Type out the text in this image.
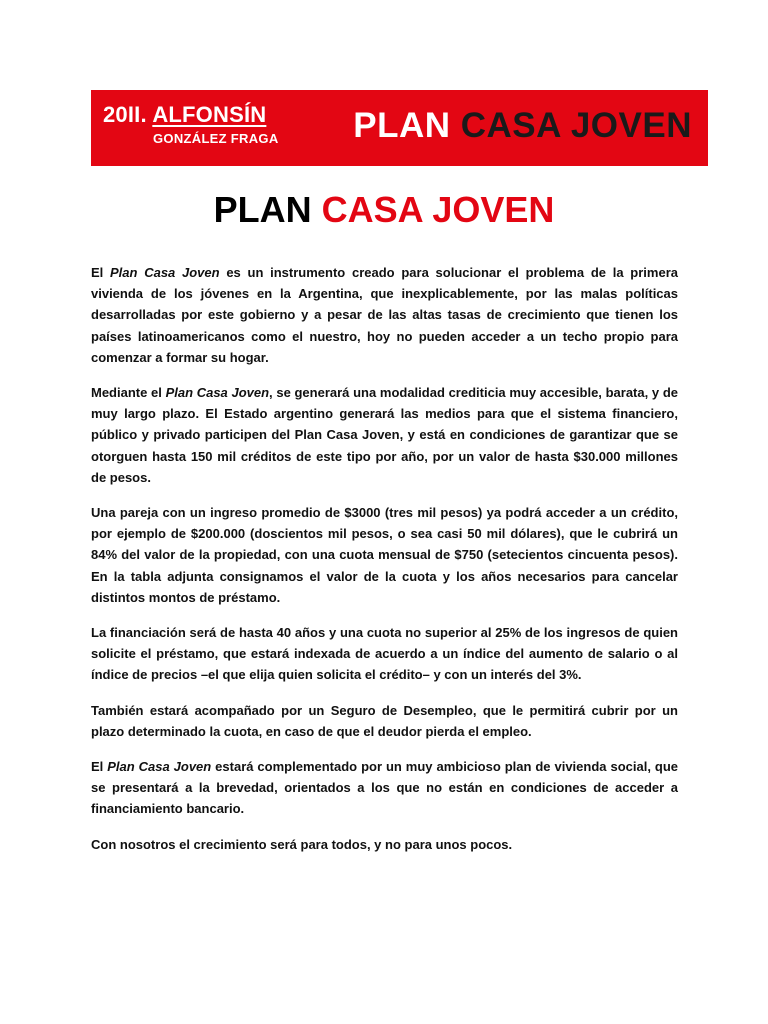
20II. ALFONSÍN
GONZÁLEZ FRAGA PLAN CASA JOVEN
PLAN CASA JOVEN

El Plan Casa Joven es un instrumento creado para solucionar el problema de la primera vivienda de los jóvenes en la Argentina, que inexplicablemente, por las malas políticas desarrolladas por este gobierno y a pesar de las altas tasas de crecimiento que tienen los países latinoamericanos como el nuestro, hoy no pueden acceder a un techo propio para comenzar a formar su hogar.

Mediante el Plan Casa Joven, se generará una modalidad crediticia muy accesible, barata, y de muy largo plazo. El Estado argentino generará las medios para que el sistema financiero, público y privado participen del Plan Casa Joven, y está en condiciones de garantizar que se otorguen hasta 150 mil créditos de este tipo por año, por un valor de hasta $30.000 millones de pesos.

Una pareja con un ingreso promedio de $3000 (tres mil pesos) ya podrá acceder a un crédito, por ejemplo de $200.000 (doscientos mil pesos, o sea casi 50 mil dólares), que le cubrirá un 84% del valor de la propiedad, con una cuota mensual de $750 (setecientos cincuenta pesos). En la tabla adjunta consignamos el valor de la cuota y los años necesarios para cancelar distintos montos de préstamo.

La financiación será de hasta 40 años y una cuota no superior al 25% de los ingresos de quien solicite el préstamo, que estará indexada de acuerdo a un índice del aumento de salario o al índice de precios –el que elija quien solicita el crédito– y con un interés del 3%.

También estará acompañado por un Seguro de Desempleo, que le permitirá cubrir por un plazo determinado la cuota, en caso de que el deudor pierda el empleo.

El Plan Casa Joven estará complementado por un muy ambicioso plan de vivienda social, que se presentará a la brevedad, orientados a los que no están en condiciones de acceder a financiamiento bancario.

Con nosotros el crecimiento será para todos, y no para unos pocos.
